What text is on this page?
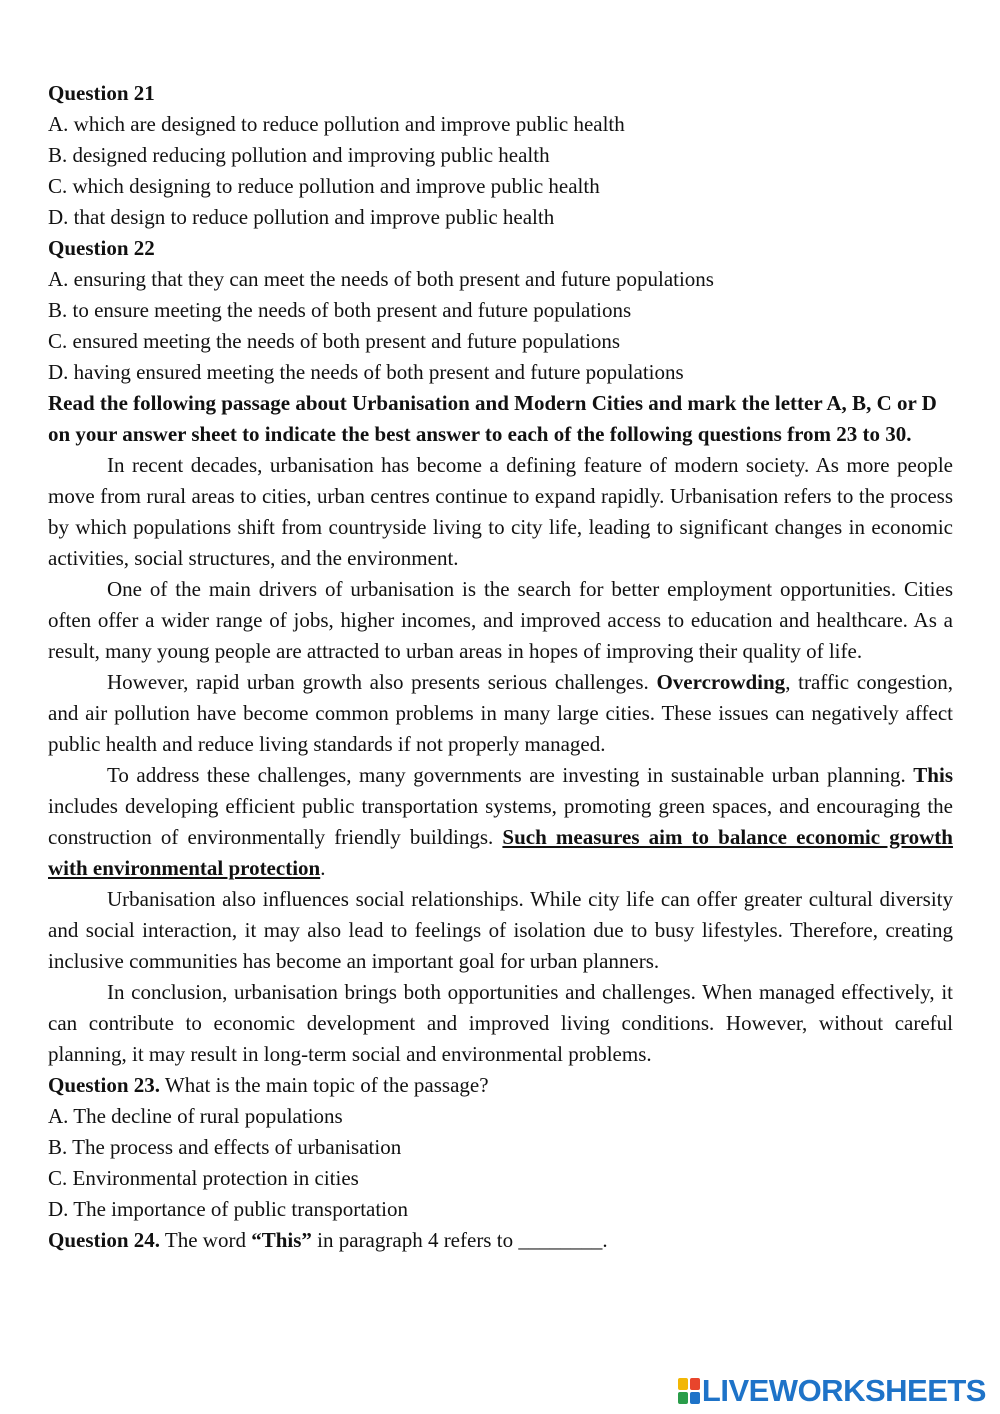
Question 21
A. which are designed to reduce pollution and improve public health
B. designed reducing pollution and improving public health
C. which designing to reduce pollution and improve public health
D. that design to reduce pollution and improve public health
Question 22
A. ensuring that they can meet the needs of both present and future populations
B. to ensure meeting the needs of both present and future populations
C. ensured meeting the needs of both present and future populations
D. having ensured meeting the needs of both present and future populations
Read the following passage about Urbanisation and Modern Cities and mark the letter A, B, C or D on your answer sheet to indicate the best answer to each of the following questions from 23 to 30.

In recent decades, urbanisation has become a defining feature of modern society. As more people move from rural areas to cities, urban centres continue to expand rapidly. Urbanisation refers to the process by which populations shift from countryside living to city life, leading to significant changes in economic activities, social structures, and the environment.

One of the main drivers of urbanisation is the search for better employment opportunities. Cities often offer a wider range of jobs, higher incomes, and improved access to education and healthcare. As a result, many young people are attracted to urban areas in hopes of improving their quality of life.

However, rapid urban growth also presents serious challenges. Overcrowding, traffic congestion, and air pollution have become common problems in many large cities. These issues can negatively affect public health and reduce living standards if not properly managed.

To address these challenges, many governments are investing in sustainable urban planning. This includes developing efficient public transportation systems, promoting green spaces, and encouraging the construction of environmentally friendly buildings. Such measures aim to balance economic growth with environmental protection.

Urbanisation also influences social relationships. While city life can offer greater cultural diversity and social interaction, it may also lead to feelings of isolation due to busy lifestyles. Therefore, creating inclusive communities has become an important goal for urban planners.

In conclusion, urbanisation brings both opportunities and challenges. When managed effectively, it can contribute to economic development and improved living conditions. However, without careful planning, it may result in long-term social and environmental problems.

Question 23. What is the main topic of the passage?
A. The decline of rural populations
B. The process and effects of urbanisation
C. Environmental protection in cities
D. The importance of public transportation
Question 24. The word “This” in paragraph 4 refers to ________.
LIVEWORKSHEETS
